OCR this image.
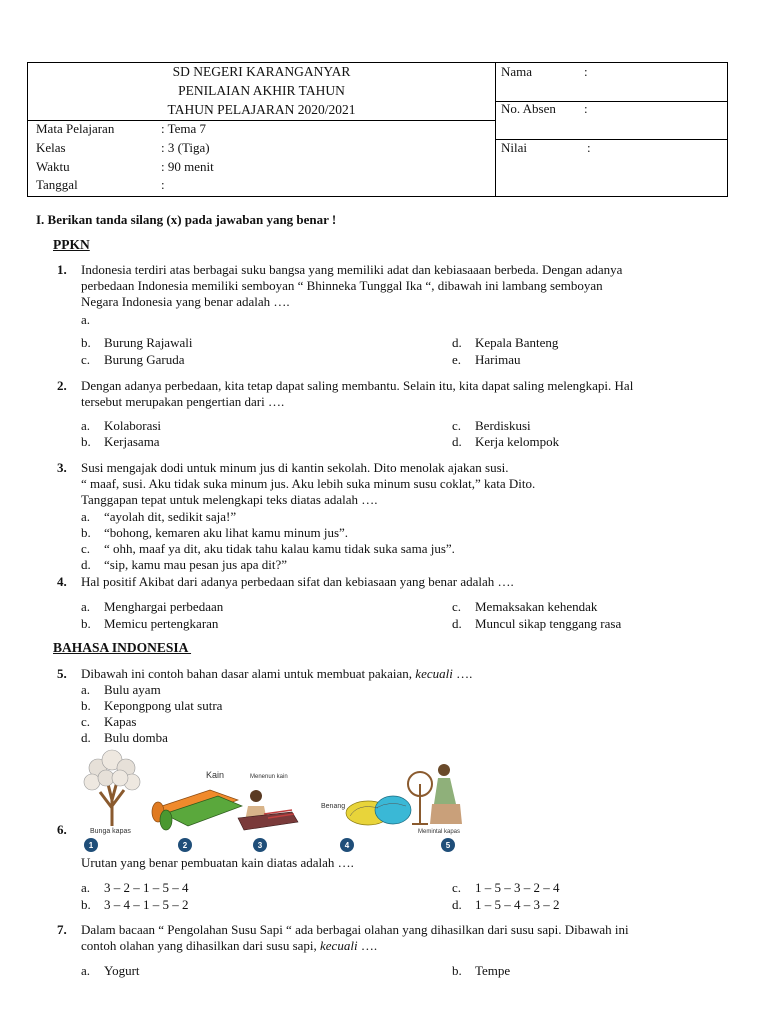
SD NEGERI KARANGANYAR
PENILAIAN AKHIR TAHUN
TAHUN PELAJARAN 2020/2021
Mata Pelajaran	: Tema 7
Kelas	: 3 (Tiga)
Waktu	: 90 menit
Tanggal	:
Nama	:
No. Absen :
Nilai	:
I. Berikan tanda silang (x) pada jawaban yang benar !
PPKN
1. Indonesia terdiri atas berbagai suku bangsa yang memiliki adat dan kebiasaaan berbeda. Dengan adanya
perbedaan Indonesia memiliki semboyan “ Bhinneka Tunggal Ika “, dibawah ini lambang semboyan
Negara Indonesia yang benar adalah ….
a.
b. Burung Rajawali	d. Kepala Banteng
c. Burung Garuda	e. Harimau
2. Dengan adanya perbedaan, kita tetap dapat saling membantu. Selain itu, kita dapat saling melengkapi. Hal
tersebut merupakan pengertian dari ….
a. Kolaborasi	c. Berdiskusi
b. Kerjasama	d. Kerja kelompok
3. Susi mengajak dodi untuk minum jus di kantin sekolah. Dito menolak ajakan susi.
“ maaf, susi. Aku tidak suka minum jus. Aku lebih suka minum susu coklat,” kata Dito.
Tanggapan tepat untuk melengkapi teks diatas adalah ….
a. “ayolah dit, sedikit saja!”
b. “bohong, kemaren aku lihat kamu minum jus”.
c. “ ohh, maaf ya dit, aku tidak tahu kalau kamu tidak suka sama jus”.
d. “sip, kamu mau pesan jus apa dit?”
4. Hal positif Akibat dari adanya perbedaan sifat dan kebiasaan yang benar adalah ….
a. Menghargai perbedaan	c. Memaksakan kehendak
b. Memicu pertengkaran	d. Muncul sikap tenggang rasa
BAHASA INDONESIA
5. Dibawah ini contoh bahan dasar alami untuk membuat pakaian, kecuali ….
a. Bulu ayam
b. Kepongpong ulat sutra
c. Kapas
d. Bulu domba
6.	Bunga kapas
Kain	Menenun kain
Benang
Memintal kapas
1	2	3	4	5
Urutan yang benar pembuatan kain diatas adalah ….
a. 3 – 2 – 1 – 5 – 4	c. 1 – 5 – 3 – 2 – 4
b. 3 – 4 – 1 – 5 – 2	d. 1 – 5 – 4 – 3 – 2
7. Dalam bacaan “ Pengolahan Susu Sapi “ ada berbagai olahan yang dihasilkan dari susu sapi. Dibawah ini
contoh olahan yang dihasilkan dari susu sapi, kecuali ….
a. Yogurt	b. Tempe
